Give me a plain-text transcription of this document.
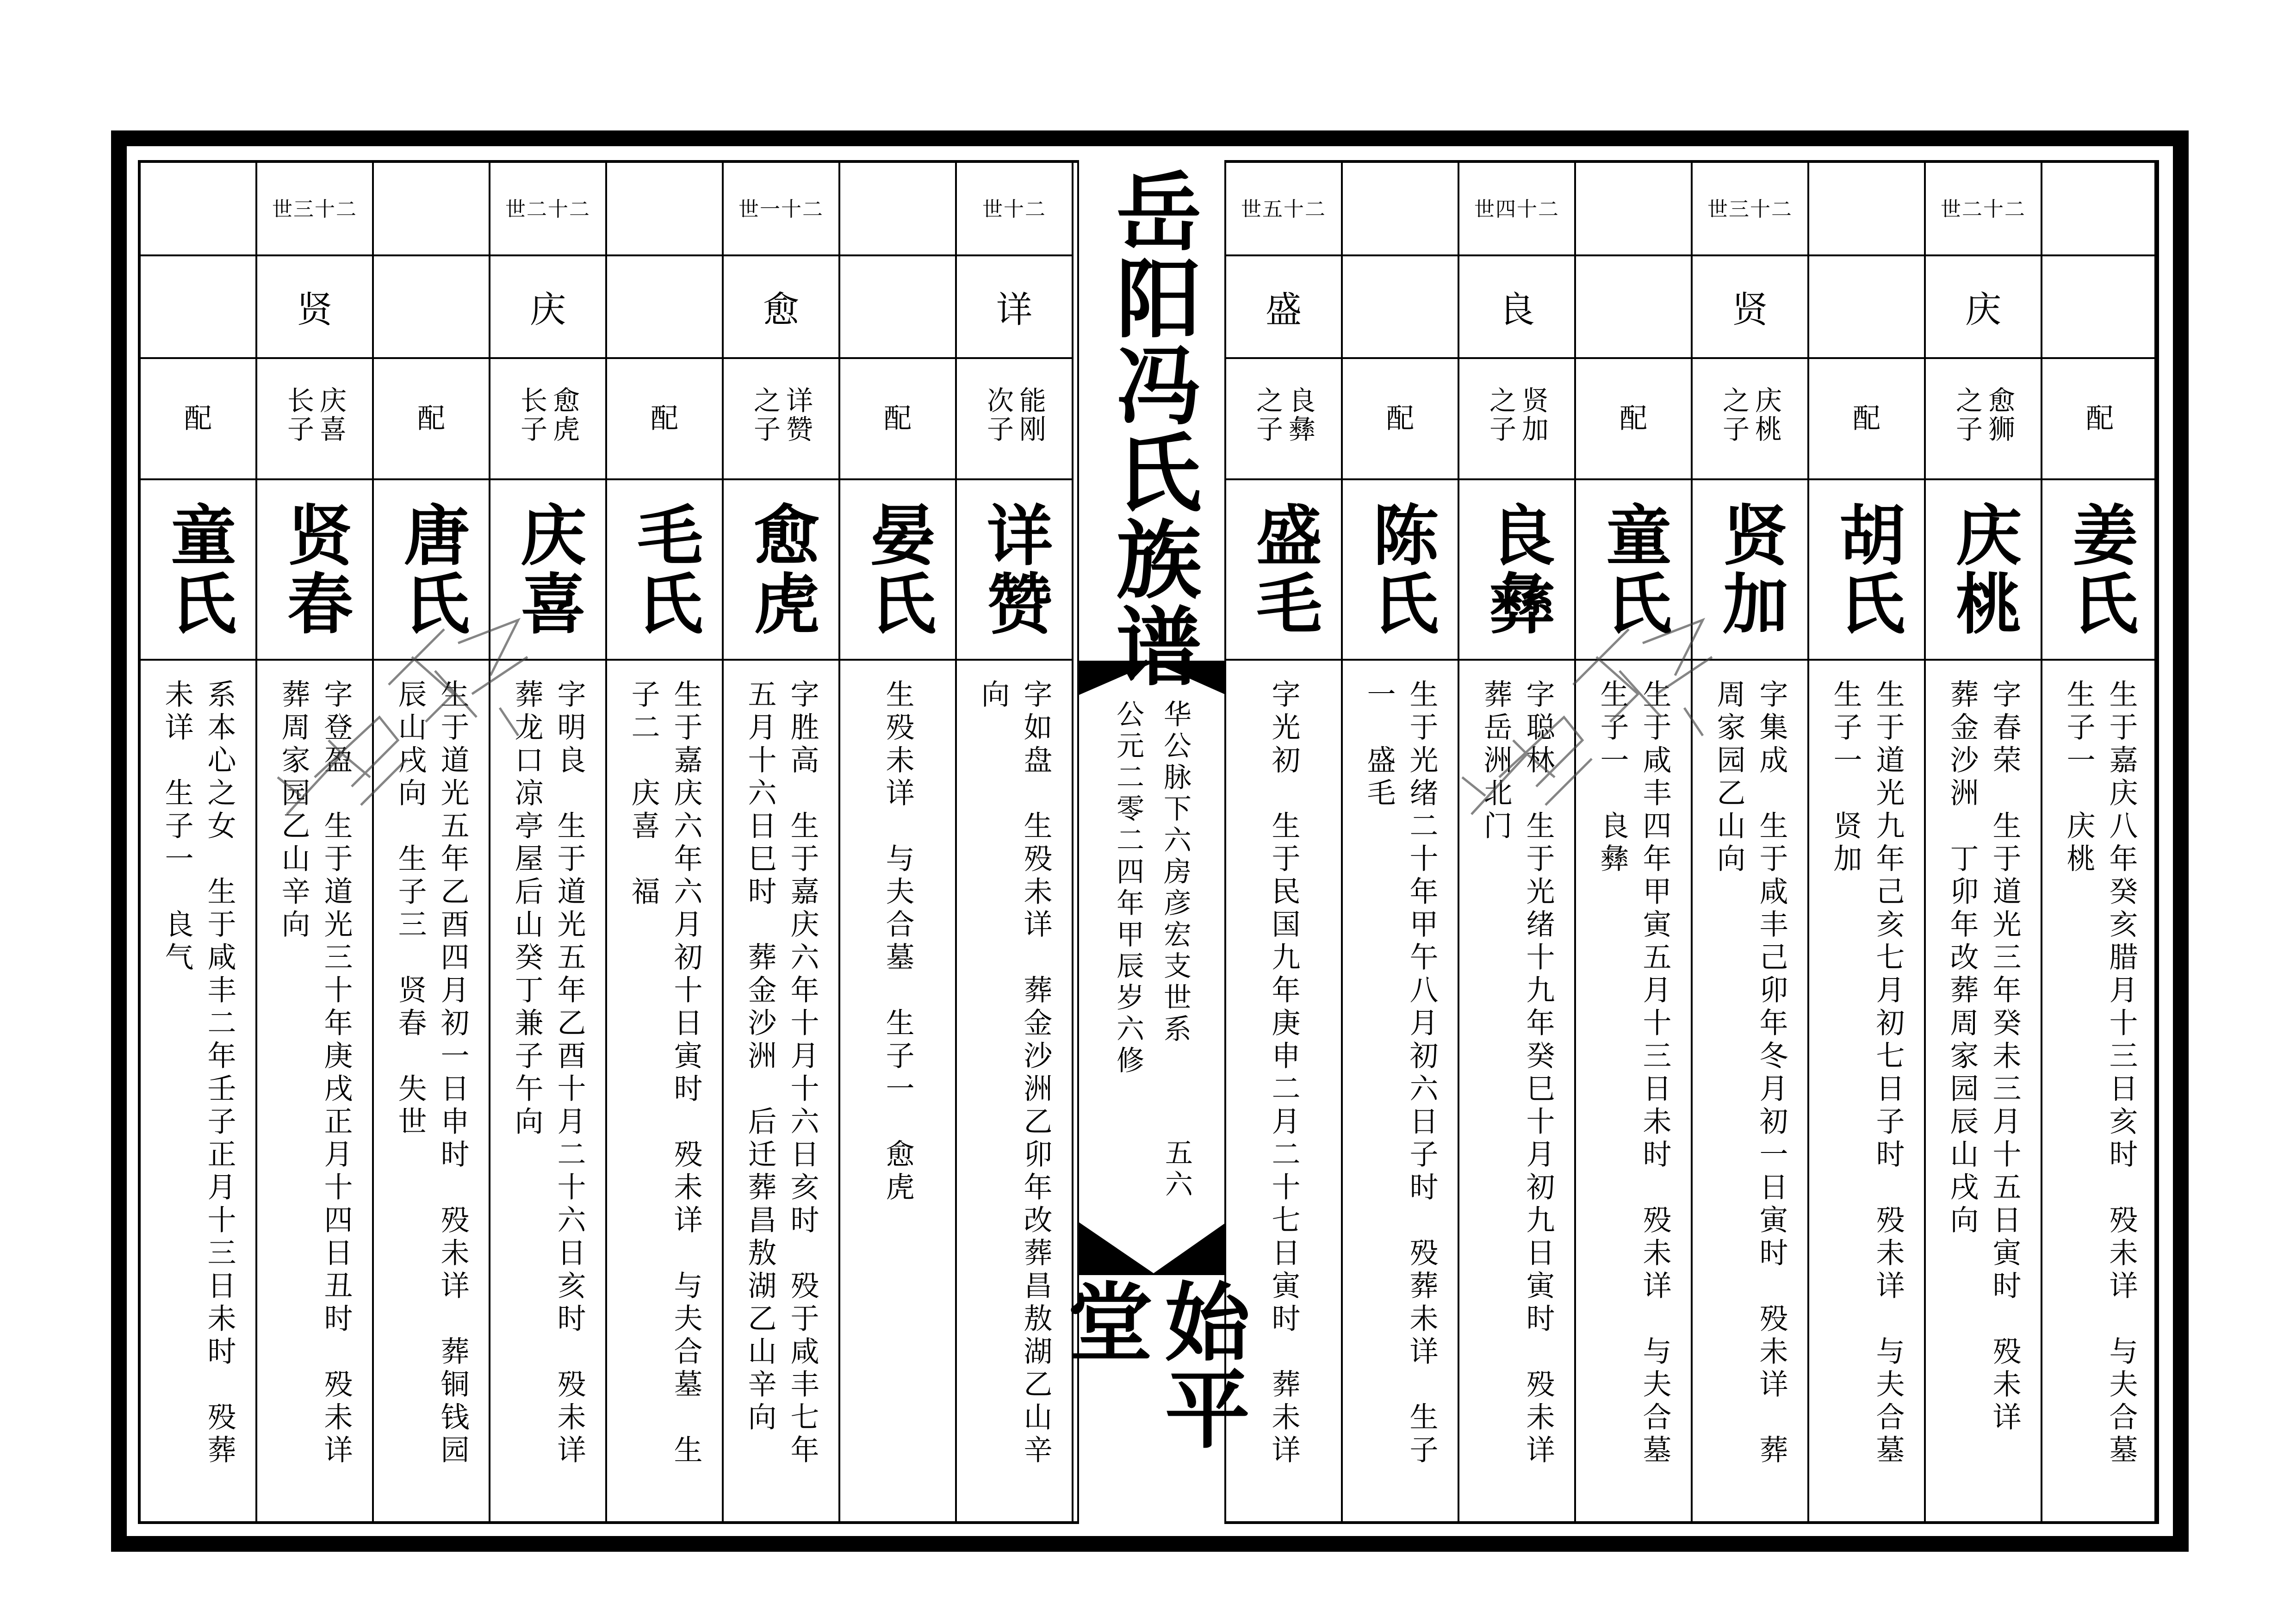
配
童氏
系本心之女　生于咸丰二年壬子正月十三日未时　殁葬
未详　生子一　良气
世三十二
贤
庆喜
长子
贤春
字登盈　生于道光三十年庚戌正月十四日丑时　殁未详
葬周家园乙山辛向
配
唐氏
生于道光五年乙酉四月初一日申时　殁未详　葬铜钱园
辰山戌向　生子三　贤春　失世
世二十二
庆
愈虎
长子
庆喜
字明良　生于道光五年乙酉十月二十六日亥时　殁未详
葬龙口凉亭屋后山癸丁兼子午向
配
毛氏
生于嘉庆六年六月初十日寅时　殁未详　与夫合墓　生
子二　庆喜　福
世一十二
愈
详赞
之子
愈虎
字胜高　生于嘉庆六年十月十六日亥时　殁于咸丰七年
五月十六日巳时　葬金沙洲　后迁葬昌敖湖乙山辛向
配
晏氏
生殁未详　与夫合墓　生子一　愈虎
世十二
详
能刚
次子
详赞
字如盘　生殁未详　葬金沙洲乙卯年改葬昌敖湖乙山辛
向
世五十二
盛
良彝
之子
盛毛
字光初　生于民国九年庚申二月二十七日寅时　葬未详
配
陈氏
生于光绪二十年甲午八月初六日子时　殁葬未详　生子
一　盛毛
世四十二
良
贤加
之子
良彝
字聪林　生于光绪十九年癸巳十月初九日寅时　殁未详
葬岳洲北门
配
童氏
生于咸丰四年甲寅五月十三日未时　殁未详　与夫合墓
生子一　良彝
世三十二
贤
庆桃
之子
贤加
字集成　生于咸丰己卯年冬月初一日寅时　殁未详　葬
周家园乙山向
配
胡氏
生于道光九年己亥七月初七日子时　殁未详　与夫合墓
生子一　贤加
世二十二
庆
愈狮
之子
庆桃
字春荣　生于道光三年癸未三月十五日寅时　殁未详
葬金沙洲　丁卯年改葬周家园辰山戌向
配
姜氏
生于嘉庆八年癸亥腊月十三日亥时　殁未详　与夫合墓
生子一　庆桃
岳阳冯氏族谱
华公脉下六房彦宏支世系
公元二零二四年甲辰岁六修
始平堂
五六
